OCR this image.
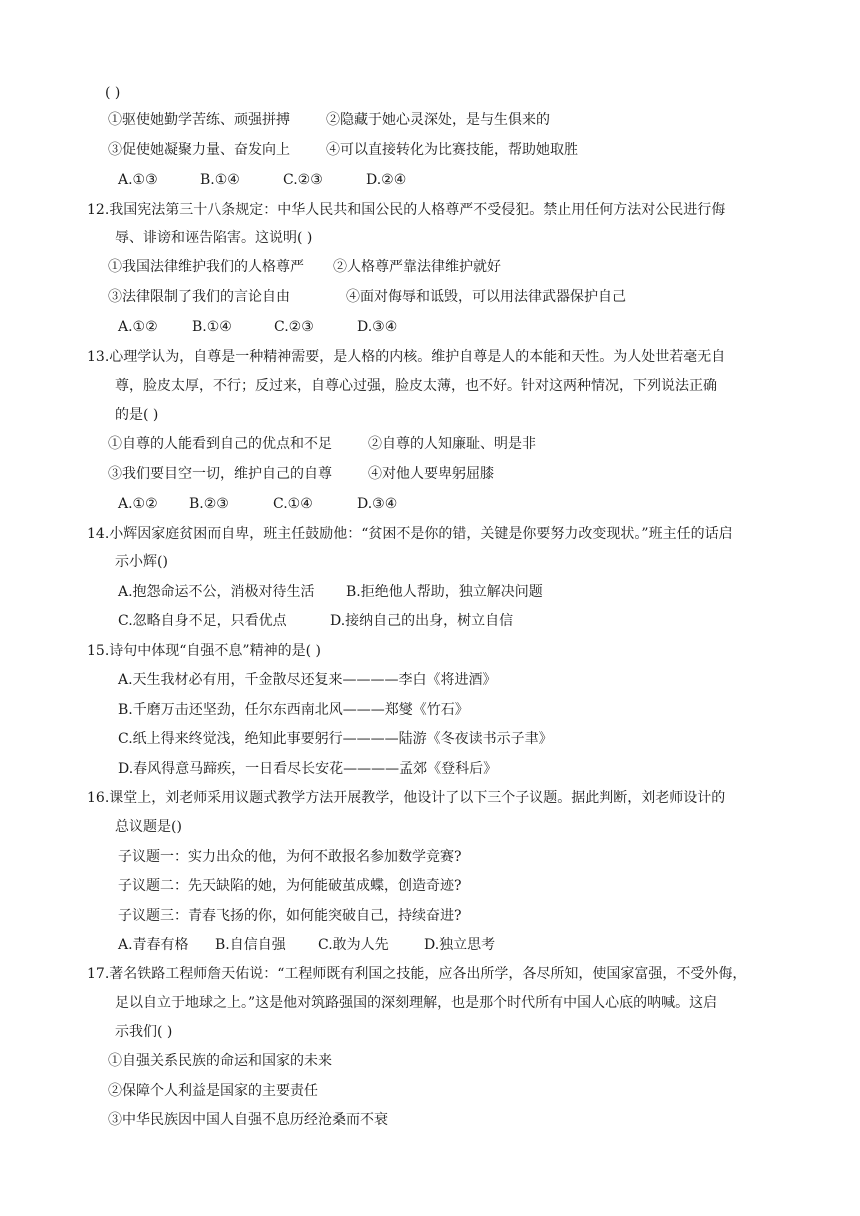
( )
①驱使她勤学苦练、顽强拼搏	②隐藏于她心灵深处，是与生俱来的
③促使她凝聚力量、奋发向上	④可以直接转化为比赛技能，帮助她取胜
A.①③	B.①④	C.②③	D.②④
12.我国宪法第三十八条规定：中华人民共和国公民的人格尊严不受侵犯。禁止用任何方法对公民进行侮
辱、诽谤和诬告陷害。这说明( )
①我国法律维护我们的人格尊严 ②人格尊严靠法律维护就好
③法律限制了我们的言论自由	④面对侮辱和诋毁，可以用法律武器保护自己
A.①② B.①④	C.②③	D.③④
13.心理学认为，自尊是一种精神需要，是人格的内核。维护自尊是人的本能和天性。为人处世若毫无自
尊，脸皮太厚，不行；反过来，自尊心过强，脸皮太薄，也不好。针对这两种情况，下列说法正确
的是( )
①自尊的人能看到自己的优点和不足	②自尊的人知廉耻、明是非
③我们要目空一切，维护自己的自尊	④对他人要卑躬屈膝
A.①② B.②③	C.①④	D.③④
14.小辉因家庭贫困而自卑，班主任鼓励他：“贫困不是你的错，关键是你要努力改变现状。”班主任的话启
示小辉()
A.抱怨命运不公，消极对待生活 B.拒绝他人帮助，独立解决问题
C.忽略自身不足，只看优点	D.接纳自己的出身，树立自信
15.诗句中体现“自强不息”精神的是( )
A.天生我材必有用，千金散尽还复来————李白《将进酒》
B.千磨万击还坚劲，任尔东西南北风———郑燮《竹石》
C.纸上得来终觉浅，绝知此事要躬行————陆游《冬夜读书示子聿》
D.春风得意马蹄疾，一日看尽长安花————孟郊《登科后》
16.课堂上，刘老师采用议题式教学方法开展教学，他设计了以下三个子议题。据此判断，刘老师设计的
总议题是()
子议题一：实力出众的他，为何不敢报名参加数学竞赛?
子议题二：先天缺陷的她，为何能破茧成蝶，创造奇迹?
子议题三：青春飞扬的你，如何能突破自己，持续奋进?
A.青春有格 B.自信自强 C.敢为人先	D.独立思考
17.著名铁路工程师詹天佑说：“工程师既有利国之技能，应各出所学，各尽所知，使国家富强，不受外侮，
足以自立于地球之上。”这是他对筑路强国的深刻理解，也是那个时代所有中国人心底的呐喊。这启
示我们( )
①自强关系民族的命运和国家的未来
②保障个人利益是国家的主要责任
③中华民族因中国人自强不息历经沧桑而不衰
